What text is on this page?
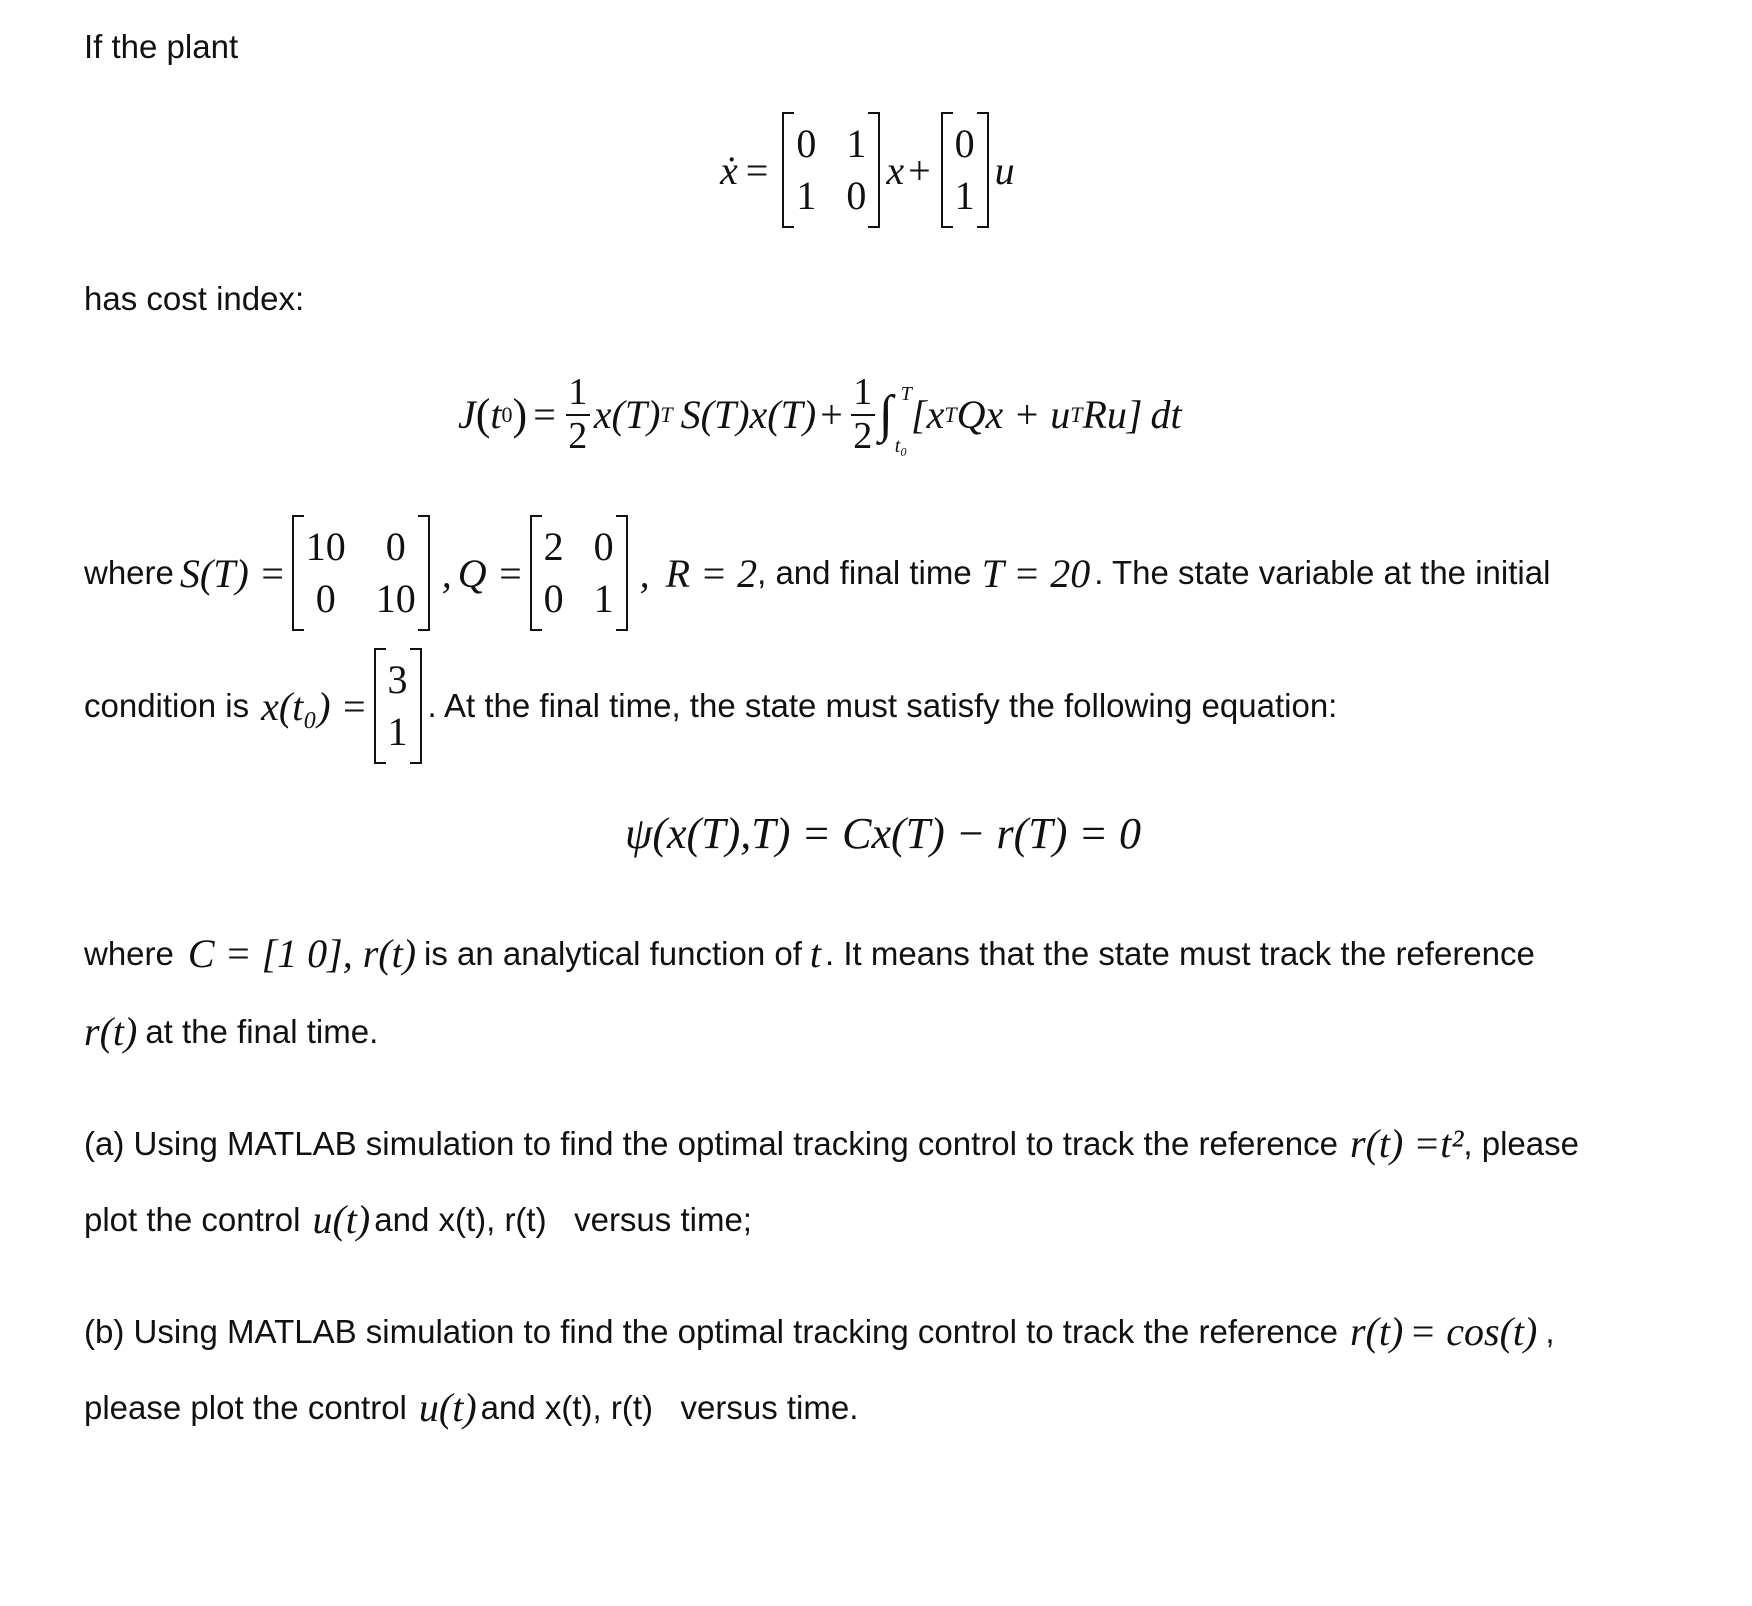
If the plant
ẋ =
0 1
1 0
x +
0
1
u
has cost index:
J ( t 0 ) = $\frac{1}{2} x(T)$ T $S(T)x(T) + \frac{1}{2}$ ∫ T
t₀
[x T Qx + u T Ru] dt
where S(T) =
10 0
0 10
, Q =
2 0
0 1
, R = 2 , and final time T = 20 . The state variable at the initial
condition is x(t₀) =
3
1
. At the final time, the state must satisfy the following equation:
ψ(x(T),T) = Cx(T) − r(T) = 0
where C = [1 0], r(t) is an analytical function of t . It means that the state must track the reference
r(t) at the final time.
(a) Using MATLAB simulation to find the optimal tracking control to track the reference r(t) =t² , please
plot the control u(t) and x(t), r(t)   versus time;
(b) Using MATLAB simulation to find the optimal tracking control to track the reference r(t) = cos(t) ,
please plot the control u(t) and x(t), r(t)   versus time.
